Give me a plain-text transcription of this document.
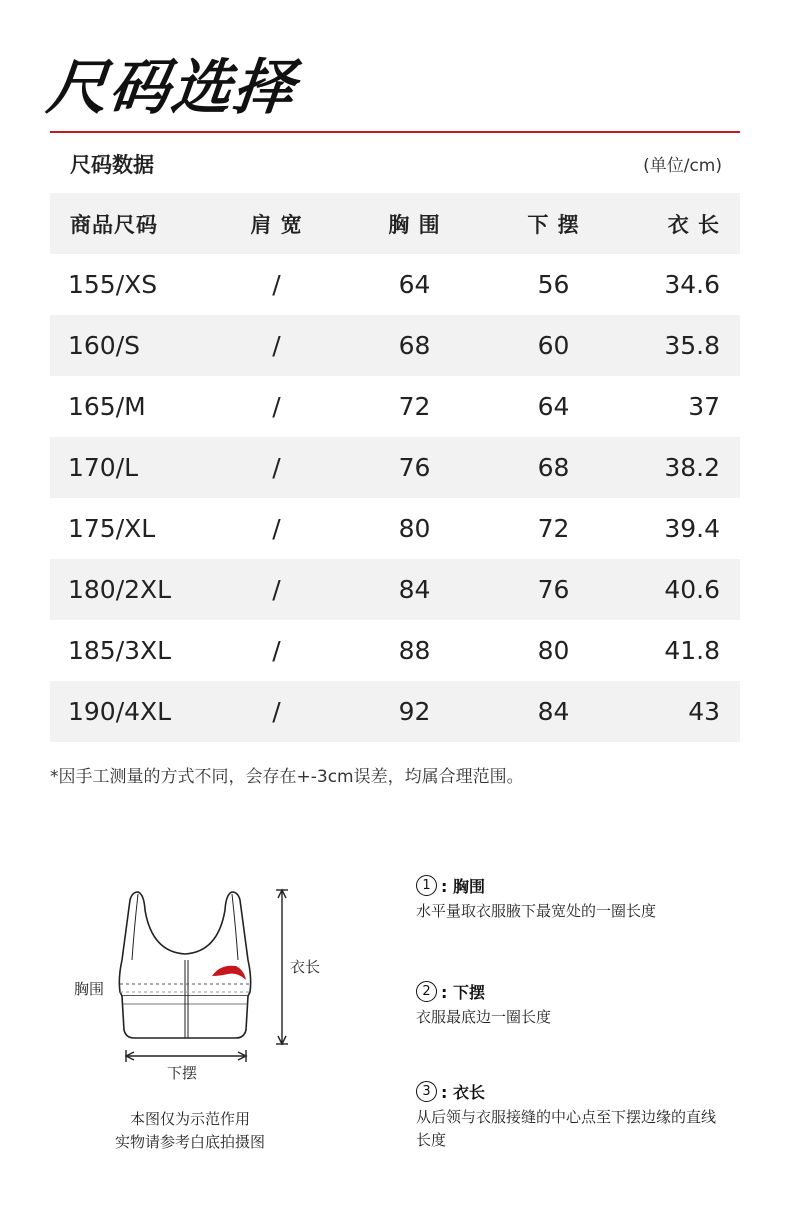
尺码选择
尺码数据	(单位/cm)
商品尺码	肩 宽	胸 围	下 摆	衣 长
155/XS	/	64	56	34.6
160/S	/	68	60	35.8
165/M	/	72	64	37
170/L	/	76	68	38.2
175/XL	/	80	72	39.4
180/2XL	/	84	76	40.6
185/3XL	/	88	80	41.8
190/4XL	/	92	84	43
*因手工测量的方式不同，会存在+-3cm误差，均属合理范围。
胸围
衣长
下摆
本图仅为示范作用
实物请参考白底拍摄图
1 : 胸围
水平量取衣服腋下最宽处的一圈长度
2 : 下摆
衣服最底边一圈长度
3 : 衣长
从后领与衣服接缝的中心点至下摆边缘的直线长度
